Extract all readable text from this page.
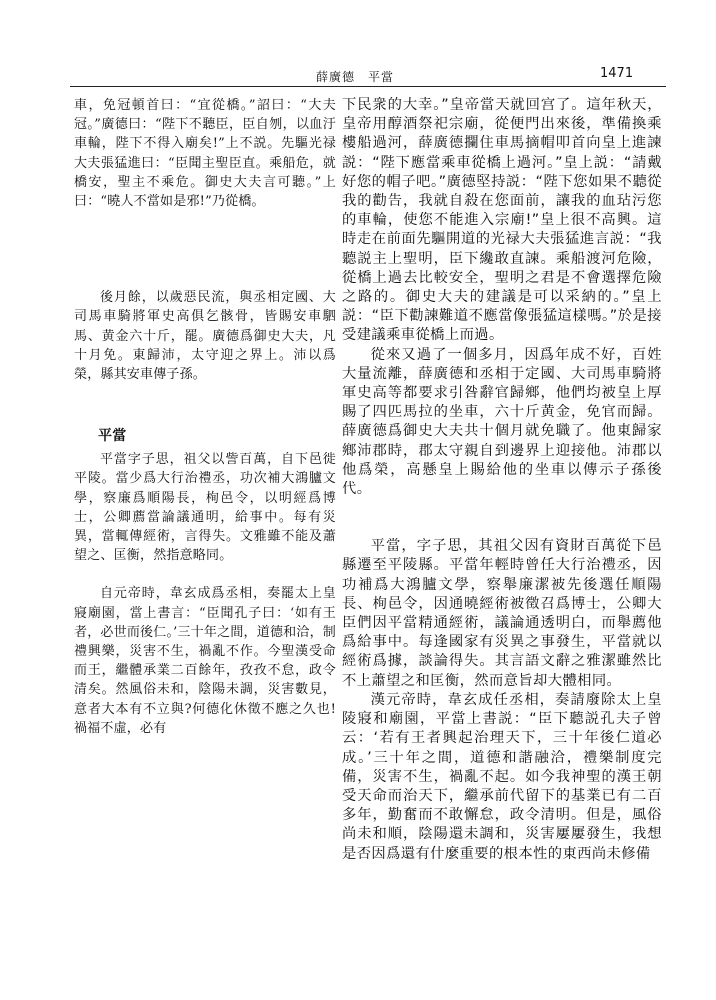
薛廣德　平當	1471

車，免冠頓首曰：“宜從橋。”詔曰：“大夫冠。”廣德曰：“陛下不聽臣，臣自刎，以血汙車輪，陛下不得入廟矣!”上不説。先驅光禄大夫張猛進曰：“臣聞主聖臣直。乘船危，就橋安，聖主不乘危。御史大夫言可聽。”上曰：“曉人不當如是邪!”乃從橋。

後月餘，以歲惡民流，與丞相定國、大司馬車騎將軍史高俱乞骸骨，皆賜安車駟馬、黄金六十斤，罷。廣德爲御史大夫，凡十月免。東歸沛，太守迎之界上。沛以爲榮，縣其安車傳子孫。

平當

平當字子思，祖父以訾百萬，自下邑徙平陵。當少爲大行治禮丞，功次補大鴻臚文學，察廉爲順陽長，栒邑令，以明經爲博士，公卿薦當論議通明，給事中。每有災異，當輒傳經術，言得失。文雅雖不能及蕭望之、匡衡，然指意略同。

自元帝時，韋玄成爲丞相，奏罷太上皇寢廟園，當上書言：“臣聞孔子曰：‘如有王者，必世而後仁。’三十年之間，道德和洽，制禮興樂，災害不生，禍亂不作。今聖漢受命而王，繼體承業二百餘年，孜孜不怠，政令清矣。然風俗未和，陰陽未調，災害數見，意者大本有不立與?何德化休徵不應之久也!禍福不虛，必有

下民衆的大幸。”皇帝當天就回宫了。這年秋天，皇帝用醇酒祭祀宗廟，從便門出來後，準備換乘樓船過河，薛廣德攔住車馬摘帽叩首向皇上進諫説：“陛下應當乘車從橋上過河。”皇上説：“請戴好您的帽子吧。”廣德堅持説：“陛下您如果不聽從我的勸告，我就自殺在您面前，讓我的血玷污您的車輪，使您不能進入宗廟!”皇上很不高興。這時走在前面先驅開道的光禄大夫張猛進言説：“我聽説主上聖明，臣下纔敢直諫。乘船渡河危險，從橋上過去比較安全，聖明之君是不會選擇危險之路的。御史大夫的建議是可以采納的。”皇上説：“臣下勸諫難道不應當像張猛這樣嗎。”於是接受建議乘車從橋上而過。

從來又過了一個多月，因爲年成不好，百姓大量流離，薛廣德和丞相于定國、大司馬車騎將軍史高等都要求引咎辭官歸鄉，他們均被皇上厚賜了四匹馬拉的坐車，六十斤黄金，免官而歸。薛廣德爲御史大夫共十個月就免職了。他東歸家鄉沛郡時，郡太守親自到邊界上迎接他。沛郡以他爲榮，高懸皇上賜給他的坐車以傳示子孫後代。

平當，字子思，其祖父因有資財百萬從下邑縣遷至平陵縣。平當年輕時曾任大行治禮丞，因功補爲大鴻臚文學，察舉廉潔被先後選任順陽長、栒邑令，因通曉經術被徵召爲博士，公卿大臣們因平當精通經術，議論通透明白，而舉薦他爲給事中。每逢國家有災異之事發生，平當就以經術爲據，談論得失。其言語文辭之雅潔雖然比不上蕭望之和匡衡，然而意旨却大體相同。

漢元帝時，韋玄成任丞相，奏請廢除太上皇陵寢和廟園，平當上書説：“臣下聽説孔夫子曾云：‘若有王者興起治理天下，三十年後仁道必成。’三十年之間，道德和諧融洽，禮樂制度完備，災害不生，禍亂不起。如今我神聖的漢王朝受天命而治天下，繼承前代留下的基業已有二百多年，勤奮而不敢懈怠，政令清明。但是，風俗尚未和順，陰陽還未調和，災害屢屢發生，我想是否因爲還有什麼重要的根本性的東西尚未修備
